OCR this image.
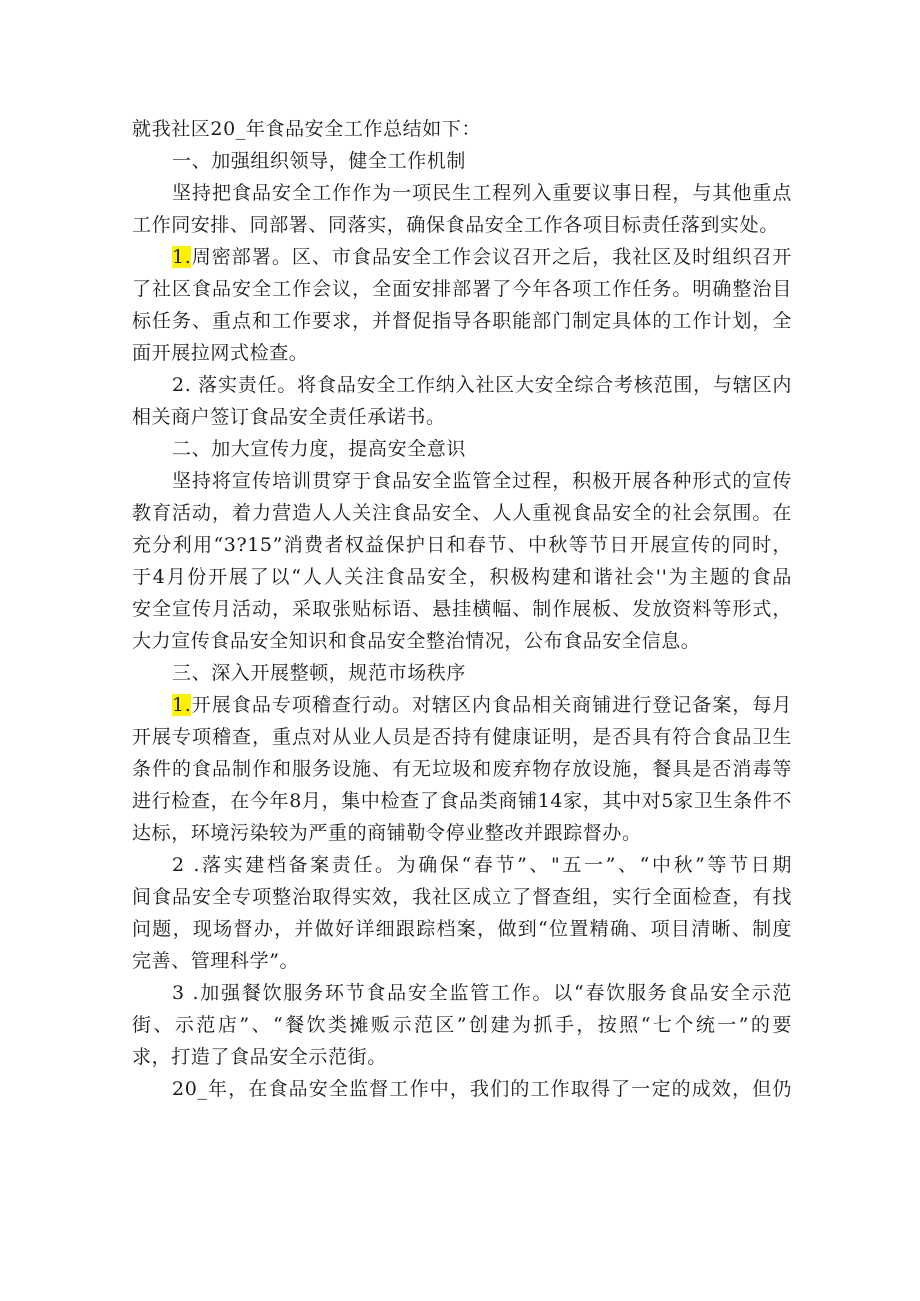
就我社区20_年食品安全工作总结如下：
一、加强组织领导，健全工作机制
坚持把食品安全工作作为一项民生工程列入重要议事日程，与其他重点
工作同安排、同部署、同落实，确保食品安全工作各项目标责任落到实处。
1.周密部署。区、市食品安全工作会议召开之后，我社区及时组织召开
了社区食品安全工作会议，全面安排部署了今年各项工作任务。明确整治目
标任务、重点和工作要求，并督促指导各职能部门制定具体的工作计划，全
面开展拉网式检查。
2. 落实责任。将食品安全工作纳入社区大安全综合考核范围，与辖区内
相关商户签订食品安全责任承诺书。
二、加大宣传力度，提高安全意识
坚持将宣传培训贯穿于食品安全监管全过程，积极开展各种形式的宣传
教育活动，着力营造人人关注食品安全、人人重视食品安全的社会氛围。在
充分利用“3?15”消费者权益保护日和春节、中秋等节日开展宣传的同时，
于4月份开展了以“人人关注食品安全，积极构建和谐社会''为主题的食品
安全宣传月活动，采取张贴标语、悬挂横幅、制作展板、发放资料等形式，
大力宣传食品安全知识和食品安全整治情况，公布食品安全信息。
三、深入开展整顿，规范市场秩序
1.开展食品专项稽查行动。对辖区内食品相关商铺进行登记备案，每月
开展专项稽查，重点对从业人员是否持有健康证明，是否具有符合食品卫生
条件的食品制作和服务设施、有无垃圾和废弃物存放设施，餐具是否消毒等
进行检查，在今年8月，集中检查了食品类商铺14家，其中对5家卫生条件不
达标，环境污染较为严重的商铺勒令停业整改并跟踪督办。
2 .落实建档备案责任。为确保“春节”、"五一”、“中秋”等节日期
间食品安全专项整治取得实效，我社区成立了督查组，实行全面检查，有找
问题，现场督办，并做好详细跟踪档案，做到“位置精确、项目清晰、制度
完善、管理科学”。
3 .加强餐饮服务环节食品安全监管工作。以“春饮服务食品安全示范
街、示范店”、“餐饮类摊贩示范区”创建为抓手，按照“七个统一”的要
求，打造了食品安全示范街。
20_年，在食品安全监督工作中，我们的工作取得了一定的成效，但仍
